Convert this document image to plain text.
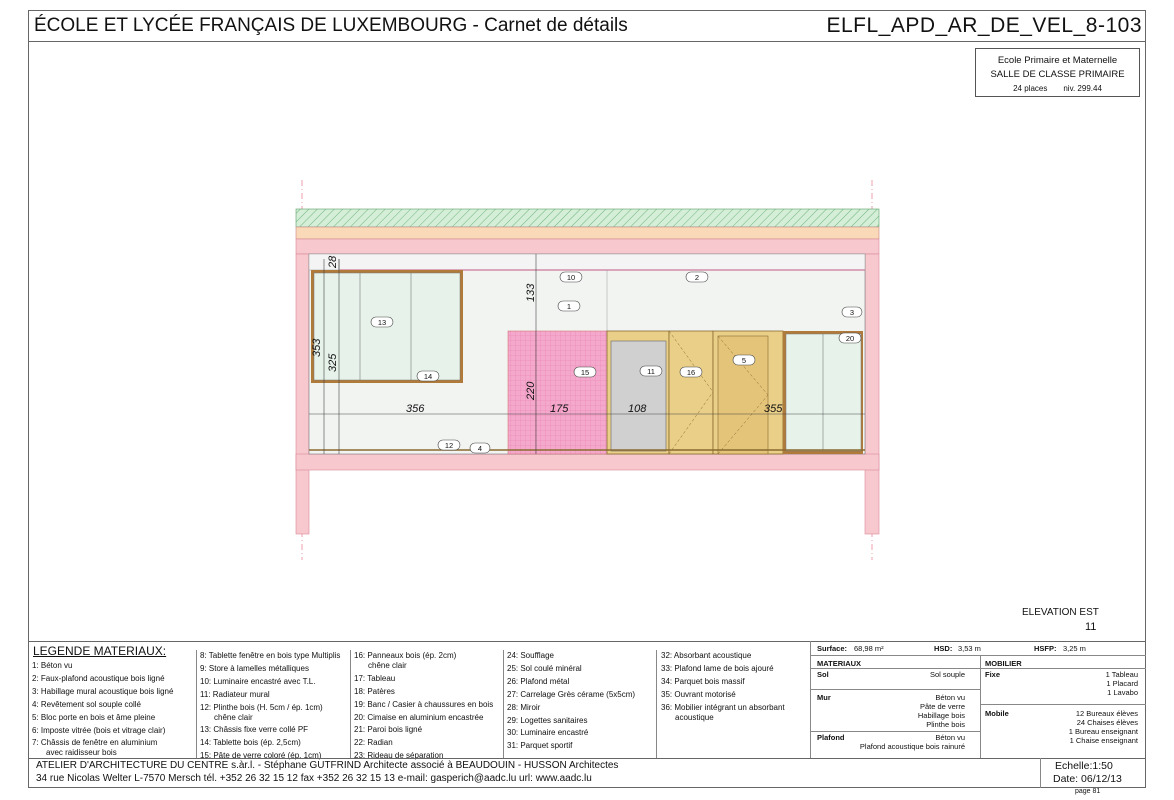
ÉCOLE ET LYCÉE FRANÇAIS DE LUXEMBOURG - Carnet de détails	ELFL_APD_AR_DE_VEL_8-103
Ecole Primaire et Maternelle
SALLE DE CLASSE PRIMAIRE
24 places niv. 299.44
353
325
28
133
220
356	175	108	355
10	2
1
3
13
20
5
15	11	16
14
12	4
ELEVATION EST
11
LEGENDE MATERIAUX:
1: Béton vu
2: Faux-plafond acoustique bois ligné
3: Habillage mural acoustique bois ligné
4: Revêtement sol souple collé
5: Bloc porte en bois et âme pleine
6: Imposte vitrée (bois et vitrage clair)
7: Châssis de fenêtre en aluminium
avec raidisseur bois
8: Tablette fenêtre en bois type Multiplis
9: Store à lamelles métalliques
10: Luminaire encastré avec T.L.
11: Radiateur mural
12: Plinthe bois (H. 5cm / ép. 1cm)
chêne clair
13: Châssis fixe verre collé PF
14: Tablette bois (ép. 2,5cm)
15: Pâte de verre coloré (ép. 1cm)
16: Panneaux bois (ép. 2cm)
chêne clair
17: Tableau
18: Patères
19: Banc / Casier à chaussures en bois
20: Cimaise en aluminium encastrée
21: Paroi bois ligné
22: Radian
23: Rideau de séparation
24: Soufflage
25: Sol coulé minéral
26: Plafond métal
27: Carrelage Grès cérame (5x5cm)
28: Miroir
29: Logettes sanitaires
30: Luminaire encastré
31: Parquet sportif
32: Absorbant acoustique
33: Plafond lame de bois ajouré
34: Parquet bois massif
35: Ouvrant motorisé
36: Mobilier intégrant un absorbant
acoustique
Surface: 68,98 m²	HSD: 3,53 m	HSFP: 3,25 m
MATERIAUX	MOBILIER
Sol	Sol souple
Mur	Béton vu
Pâte de verre
Habillage bois
Plinthe bois
Plafond	Béton vu
Plafond acoustique bois rainuré
Fixe	1 Tableau
1 Placard
1 Lavabo
Mobile	12 Bureaux élèves
24 Chaises élèves
1 Bureau enseignant
1 Chaise enseignant
ATELIER D'ARCHITECTURE DU CENTRE s.àr.l. - Stéphane GUTFRIND Architecte associé à BEAUDOUIN - HUSSON Architectes
34 rue Nicolas Welter L-7570 Mersch tél. +352 26 32 15 12 fax +352 26 32 15 13 e-mail: gasperich@aadc.lu url: www.aadc.lu
Echelle:1:50
Date: 06/12/13
page 81
